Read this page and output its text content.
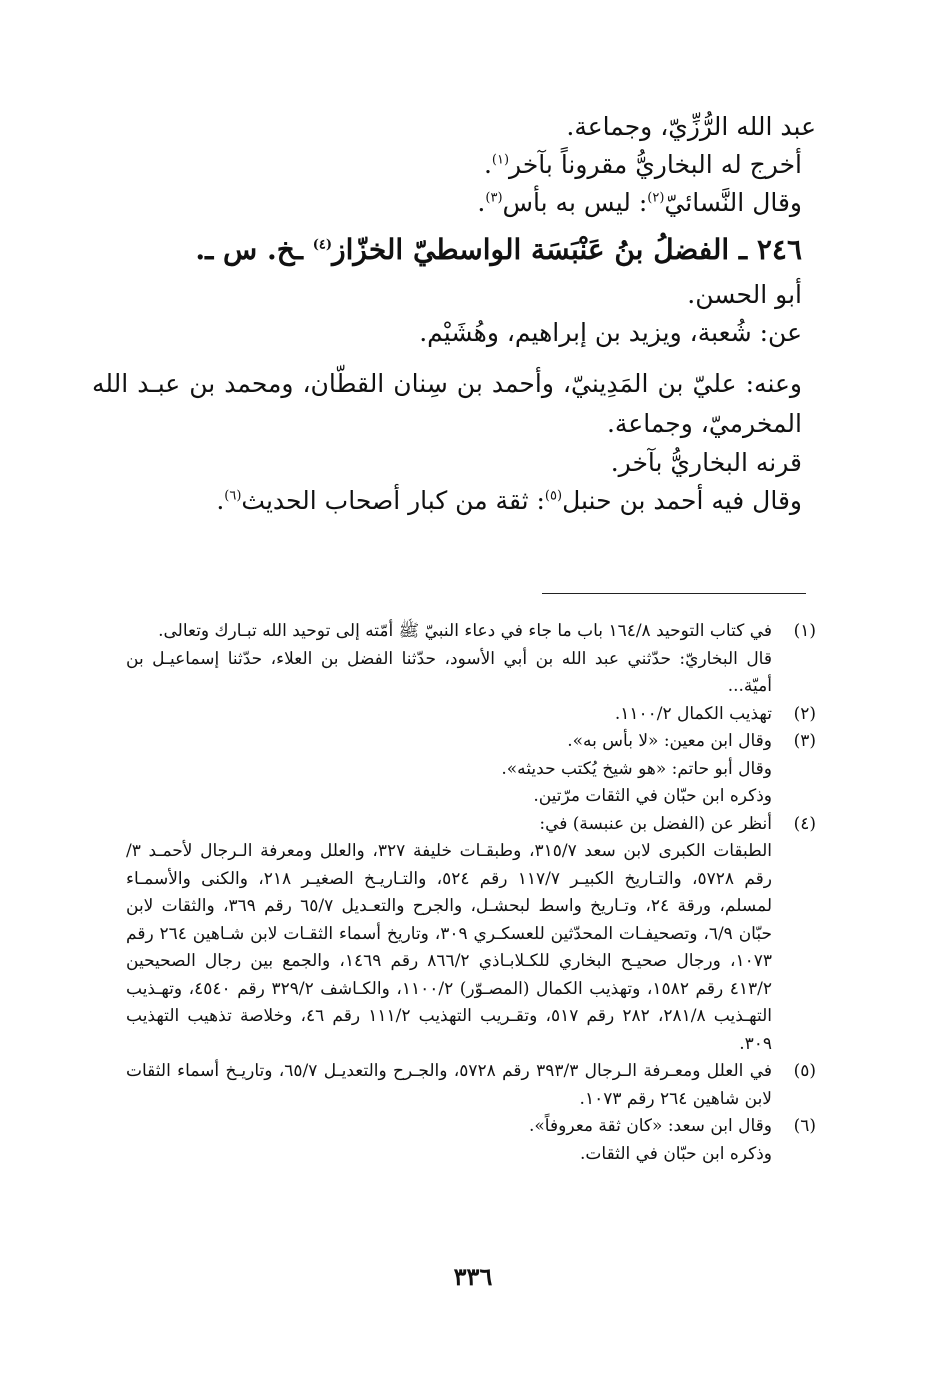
عبد الله الرُّزِّيّ، وجماعة.
أخرج له البخاريُّ مقروناً بآخر$^{(١)}$.
وقال النَّسائيّ$^{(٢)}$: ليس به بأس$^{(٣)}$.
٢٤٦ ـ الفضلُ بنُ عَنْبَسَة الواسطيّ الخزّاز$^{(٤)}$ ـخ. س ـ.
أبو الحسن.
عن: شُعبة، ويزيد بن إبراهيم، وهُشَيْم.
وعنه: عليّ بن المَدِينيّ، وأحمد بن سِنان القطّان، ومحمد بن عبـد الله المخرميّ، وجماعة.
قرنه البخاريُّ بآخر.
وقال فيه أحمد بن حنبل$^{(٥)}$: ثقة من كبار أصحاب الحديث$^{(٦)}$.
(١)
في كتاب التوحيد ١٦٤/٨ باب ما جاء في دعاء النبيّ ﷺ أمّته إلى توحيد الله تبـارك وتعالى.
قال البخاريّ: حدّثني عبد الله بن أبي الأسود، حدّثنا الفضل بن العلاء، حدّثنا إسماعيـل بن أميّة...
(٢)
تهذيب الكمال ١١٠٠/٢.
(٣)
وقال ابن معين: «لا بأس به».
وقال أبو حاتم: «هو شيخ يُكتب حديثه».
وذكره ابن حبّان في الثقات مرّتين.
(٤)
أنظر عن (الفضل بن عنبسة) في:
الطبقات الكبرى لابن سعد ٣١٥/٧، وطبقـات خليفة ٣٢٧، والعلل ومعرفة الـرجال لأحمـد ٣/ رقم ٥٧٢٨، والتـاريخ الكبيـر ١١٧/٧ رقم ٥٢٤، والتـاريـخ الصغيـر ٢١٨، والكنى والأسمـاء لمسلم، ورقة ٢٤، وتـاريخ واسط لبحشـل، والجرح والتعـديل ٦٥/٧ رقم ٣٦٩، والثقات لابن حبّان ٦/٩، وتصحيفـات المحدّثين للعسكـري ٣٠٩، وتاريخ أسماء الثقـات لابن شـاهين ٢٦٤ رقم ١٠٧٣، ورجال صحيـح البخاري للكـلابـاذي ٨٦٦/٢ رقم ١٤٦٩، والجمع بين رجال الصحيحين ٤١٣/٢ رقم ١٥٨٢، وتهذيب الكمال (المصـوّر) ١١٠٠/٢، والكـاشف ٣٢٩/٢ رقم ٤٥٤٠، وتهـذيب التهـذيب ٢٨١/٨، ٢٨٢ رقم ٥١٧، وتقـريب التهذيب ١١١/٢ رقم ٤٦، وخلاصة تذهيب التهذيب ٣٠٩.
(٥)
في العلل ومعـرفة الـرجال ٣٩٣/٣ رقم ٥٧٢٨، والجـرح والتعديـل ٦٥/٧، وتاريـخ أسماء الثقات لابن شاهين ٢٦٤ رقم ١٠٧٣.
(٦)
وقال ابن سعد: «كان ثقة معروفاً».
وذكره ابن حبّان في الثقات.
٣٣٦
